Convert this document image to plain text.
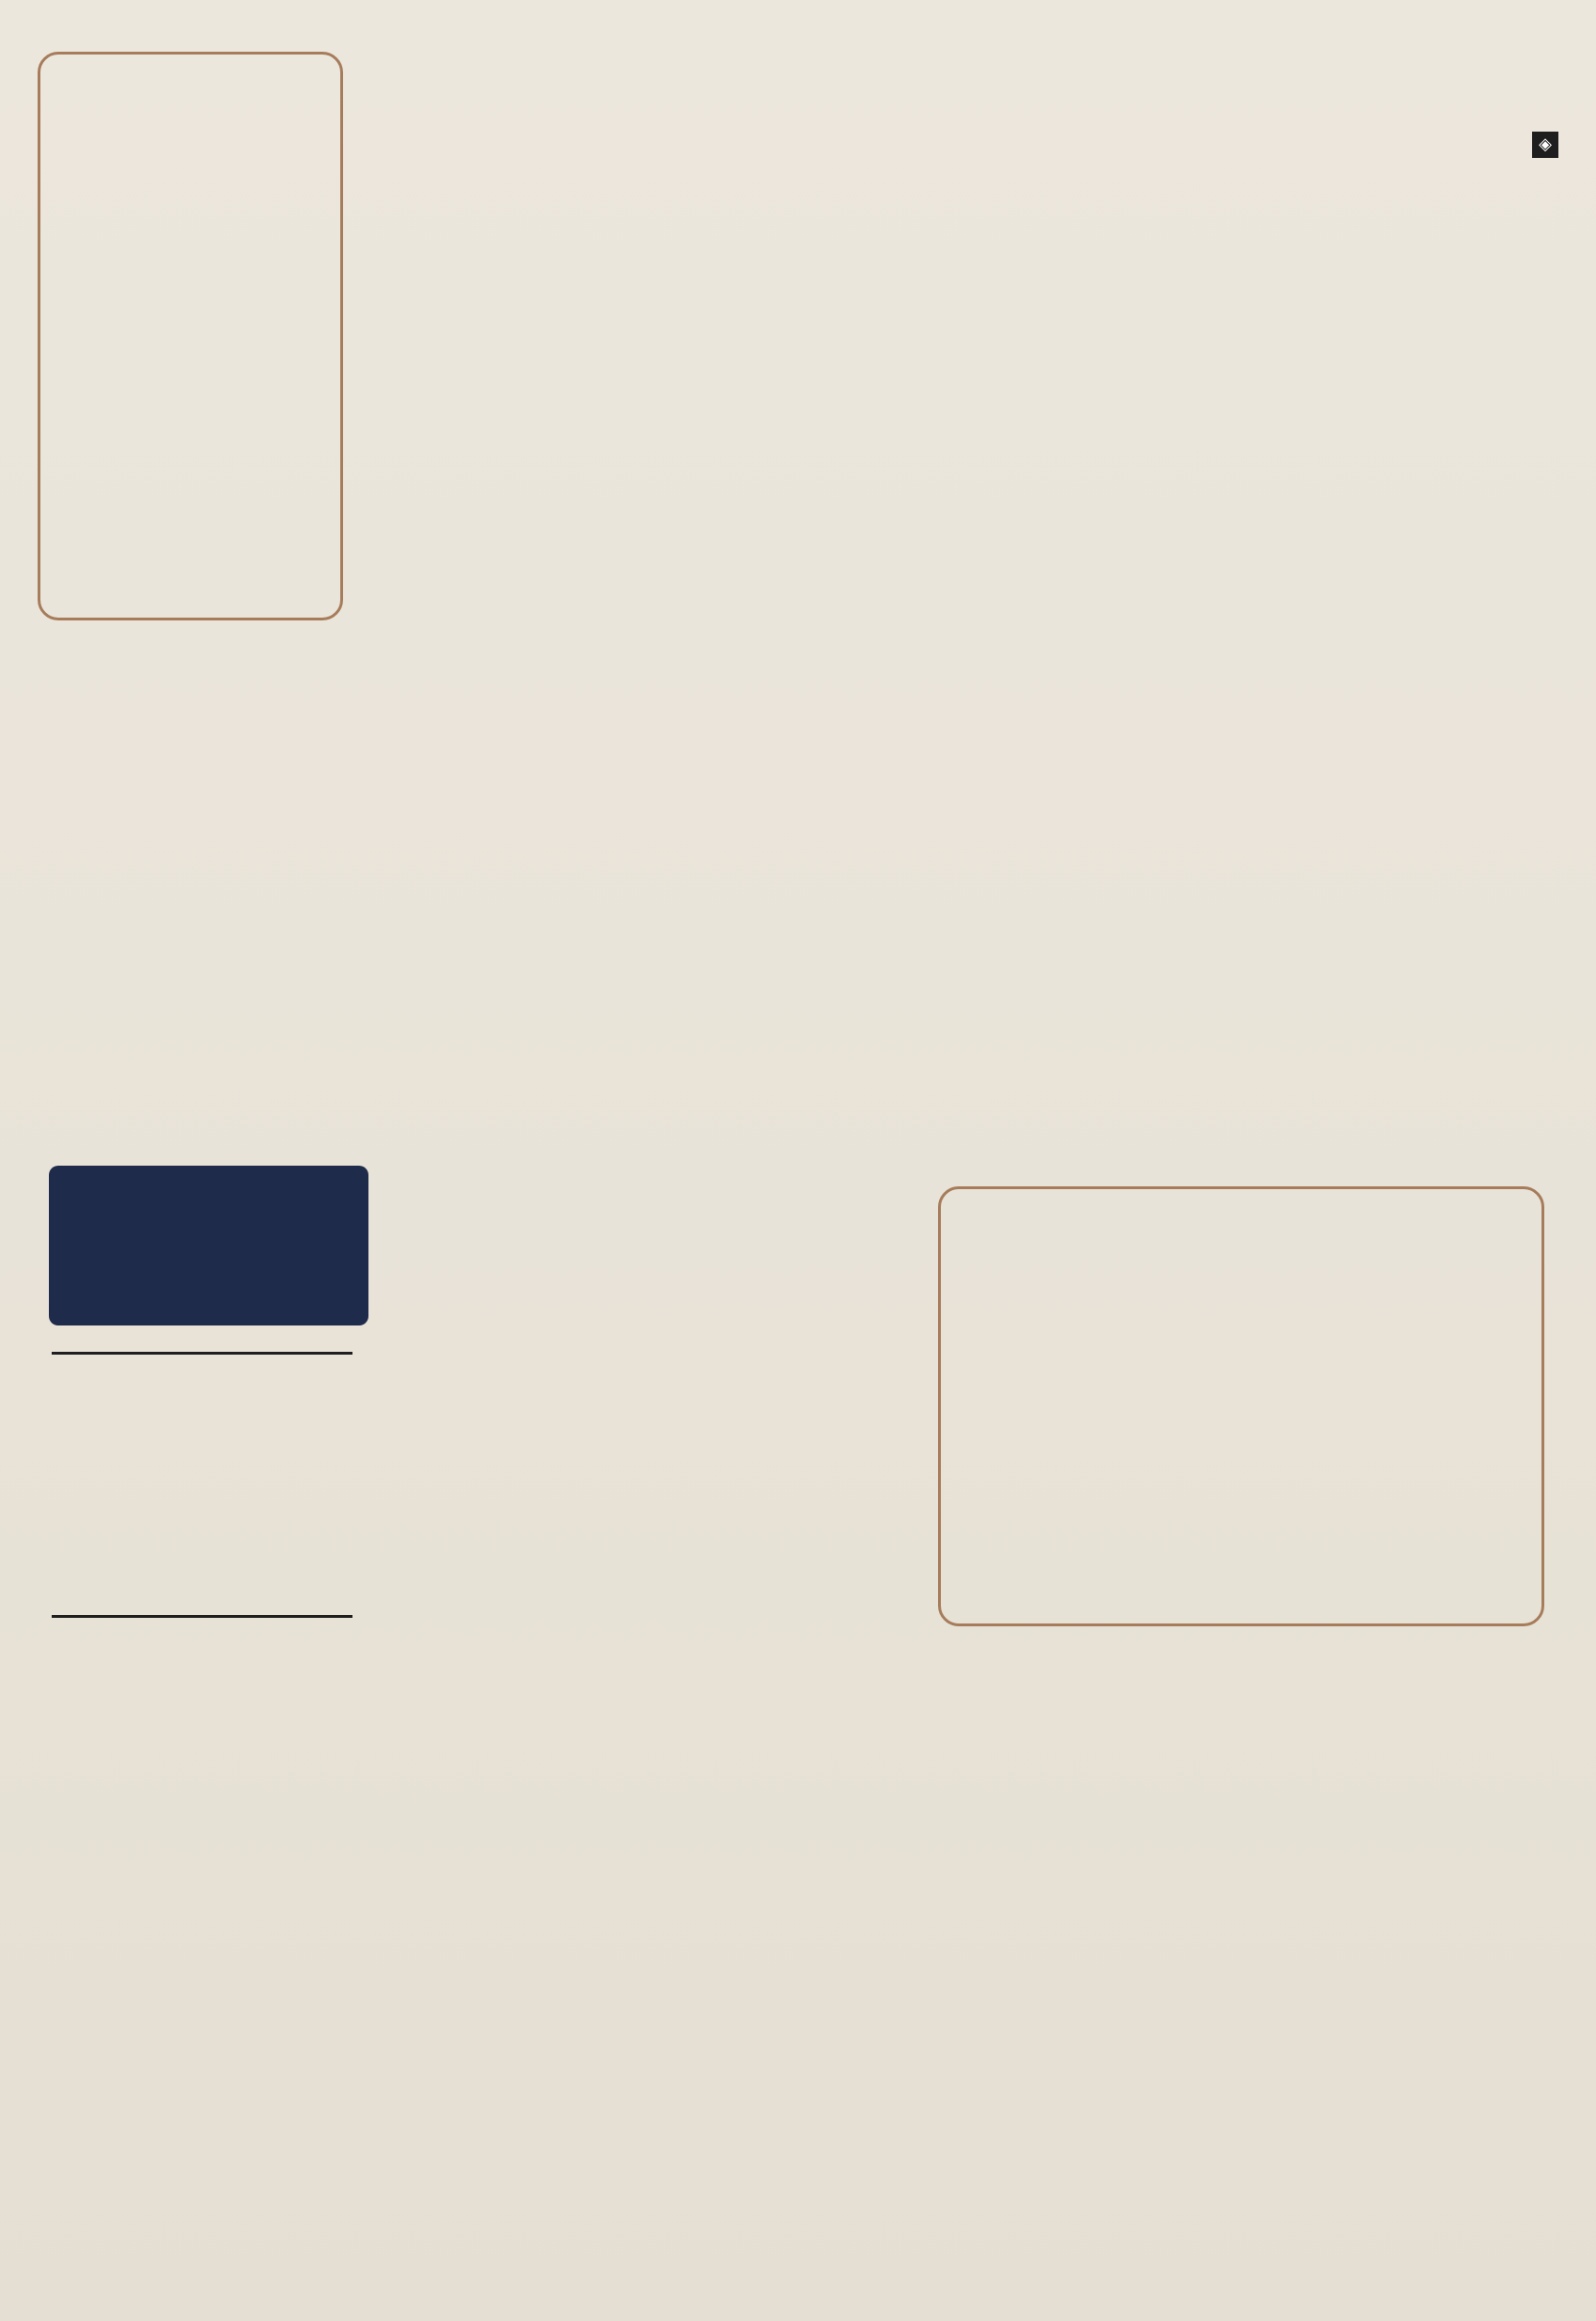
◈
